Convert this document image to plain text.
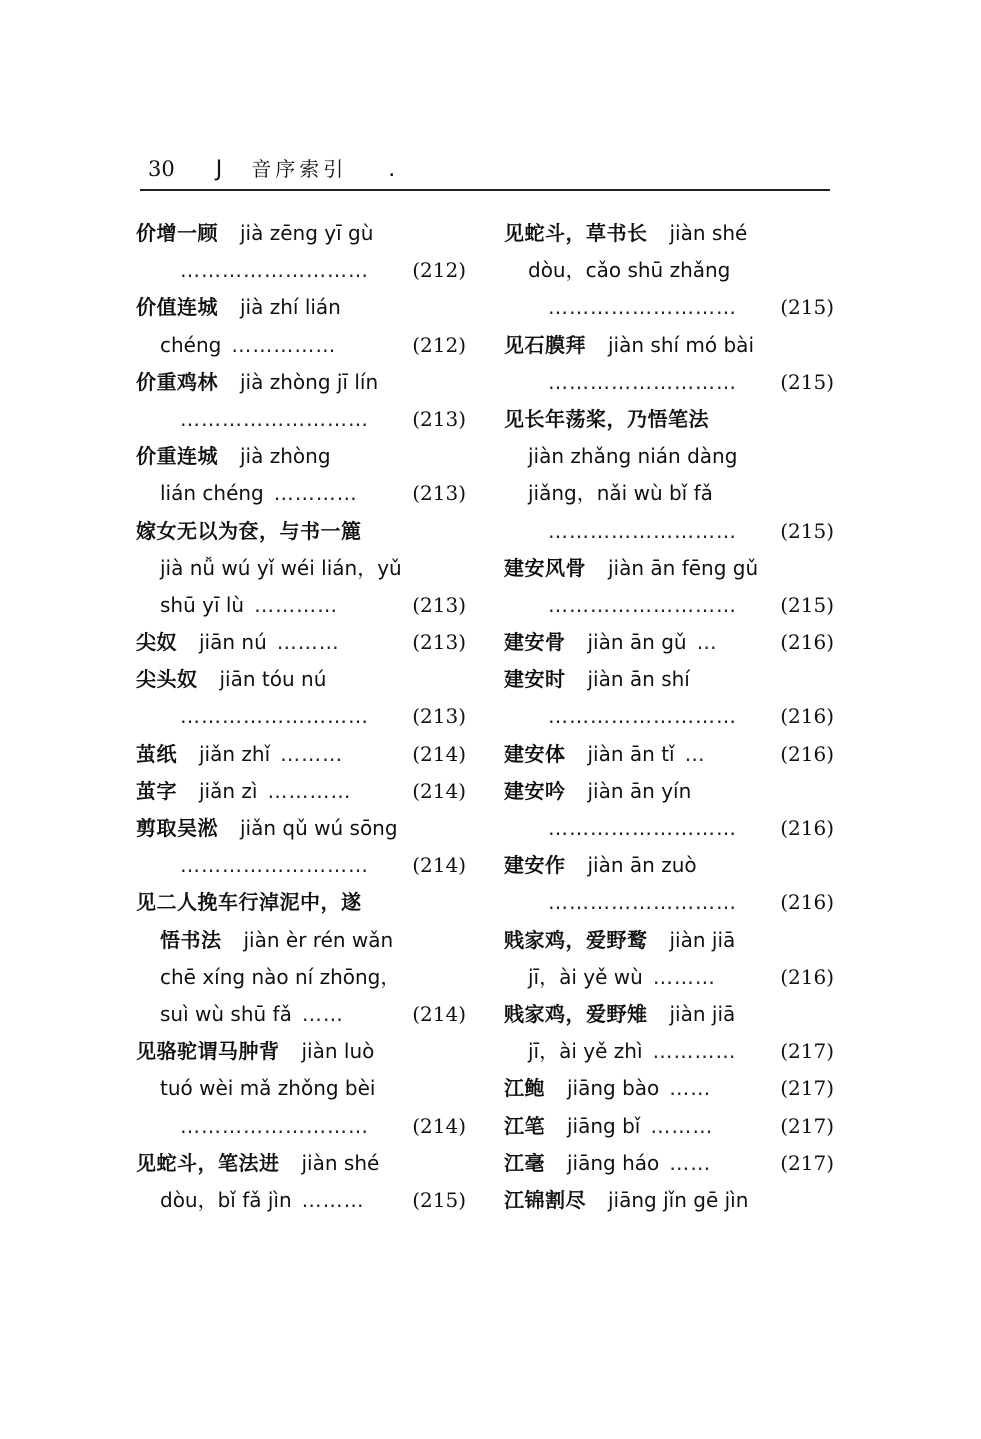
30 J 音序索引 .
价增一顾 jià zēng yī gù
……………………… (212)
价值连城 jià zhí lián
chéng ……………	(212)
价重鸡林 jià zhòng jī lín
……………………… (213)
价重连城 jià zhòng
lián chéng …………	(213)
嫁女无以为奁，与书一簏
jià nǚ wú yǐ wéi lián，yǔ
shū yī lù …………	(213)
尖奴 jiān nú ………	(213)
尖头奴 jiān tóu nú
……………………… (213)
茧纸 jiǎn zhǐ ………	(214)
茧字 jiǎn zì …………	(214)
剪取吴淞 jiǎn qǔ wú sōng
……………………… (214)
见二人挽车行淖泥中，遂
悟书法 jiàn èr rén wǎn
chē xíng nào ní zhōng，
suì wù shū fǎ ……	(214)
见骆驼谓马肿背 jiàn luò
tuó wèi mǎ zhǒng bèi
……………………… (214)
见蛇斗，笔法进 jiàn shé
dòu，bǐ fǎ jìn ……… (215)
见蛇斗，草书长 jiàn shé
dòu，cǎo shū zhǎng
……………………… (215)
见石膜拜 jiàn shí mó bài
……………………… (215)
见长年荡桨，乃悟笔法
jiàn zhǎng nián dàng
jiǎng，nǎi wù bǐ fǎ
……………………… (215)
建安风骨 jiàn ān fēng gǔ
……………………… (215)
建安骨 jiàn ān gǔ …	(216)
建安时 jiàn ān shí
……………………… (216)
建安体 jiàn ān tǐ …	(216)
建安吟 jiàn ān yín
……………………… (216)
建安作 jiàn ān zuò
……………………… (216)
贱家鸡，爱野鹜 jiàn jiā
jī，ài yě wù ………	(216)
贱家鸡，爱野雉 jiàn jiā
jī，ài yě zhì ………… (217)
江鲍 jiāng bào ……	(217)
江笔 jiāng bǐ ………	(217)
江毫 jiāng háo ……	(217)
江锦割尽 jiāng jǐn gē jìn
